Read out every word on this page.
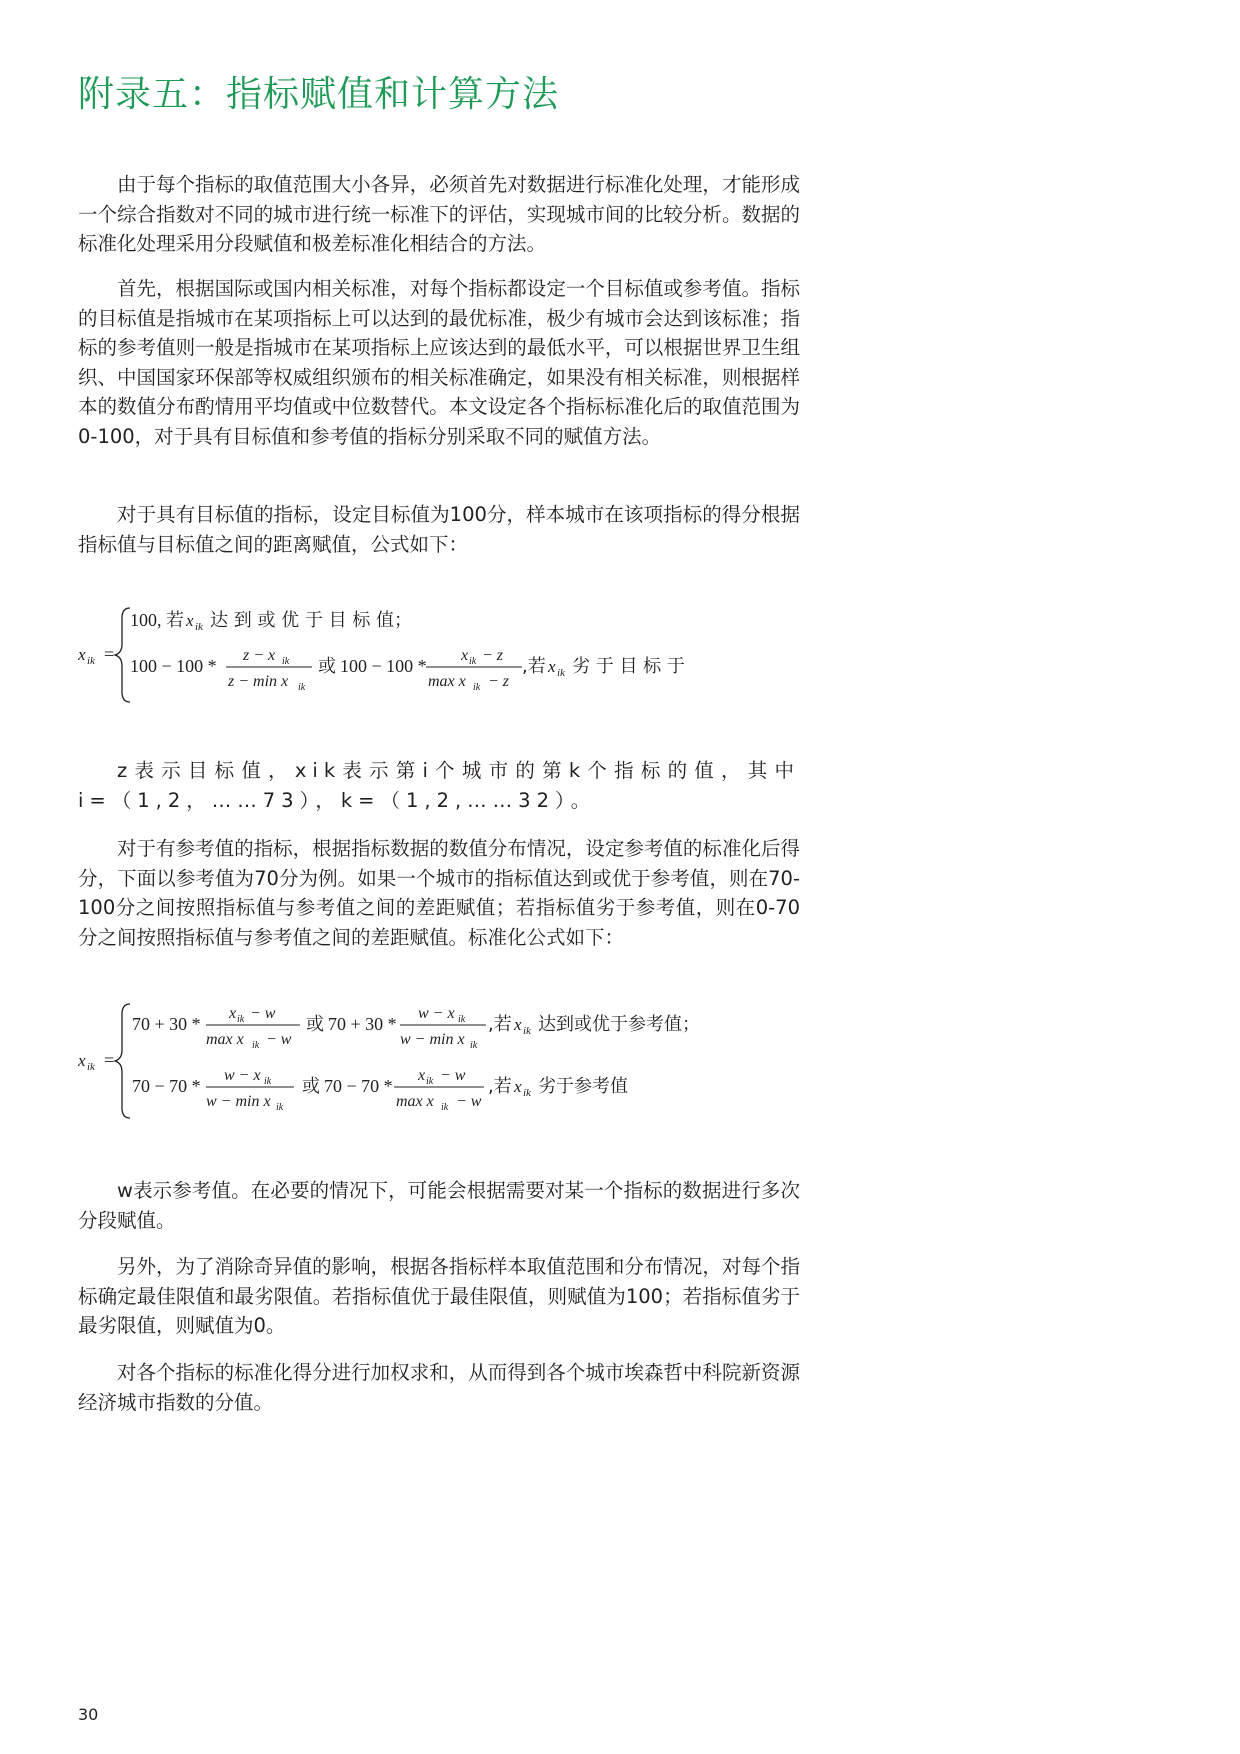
附录五：指标赋值和计算方法

由于每个指标的取值范围大小各异，必须首先对数据进行标准化处理，才能形成一个综合指数对不同的城市进行统一标准下的评估，实现城市间的比较分析。数据的标准化处理采用分段赋值和极差标准化相结合的方法。

首先，根据国际或国内相关标准，对每个指标都设定一个目标值或参考值。指标的目标值是指城市在某项指标上可以达到的最优标准，极少有城市会达到该标准；指标的参考值则一般是指城市在某项指标上应该达到的最低水平，可以根据世界卫生组织、中国国家环保部等权威组织颁布的相关标准确定，如果没有相关标准，则根据样本的数值分布酌情用平均值或中位数替代。本文设定各个指标标准化后的取值范围为0-100，对于具有目标值和参考值的指标分别采取不同的赋值方法。

对于具有目标值的指标，设定目标值为100分，样本城市在该项指标的得分根据指标值与目标值之间的距离赋值，公式如下：

x ik =
100, 若 x ik 达 到 或 优 于 目 标 值；
100 − 100 *
z − x ik
z − min x ik
或 100 − 100 *
x ik − z
max x ik − z
,若 x ik 劣 于 目 标 于

z表示目标值，xik表示第i个城市的第k个指标的值，其中i=（1,2，……73），k=（1,2,……32）。

对于有参考值的指标，根据指标数据的数值分布情况，设定参考值的标准化后得分，下面以参考值为70分为例。如果一个城市的指标值达到或优于参考值，则在70-100分之间按照指标值与参考值之间的差距赋值；若指标值劣于参考值，则在0-70分之间按照指标值与参考值之间的差距赋值。标准化公式如下：

x ik =
70 + 30 *
x ik − w
max x ik − w
或 70 + 30 *
w − x ik
w − min x ik
,若 x ik 达到或优于参考值；
70 − 70 *
w − x ik
w − min x ik
或 70 − 70 *
x ik − w
max x ik − w
,若 x ik 劣于参考值

w表示参考值。在必要的情况下，可能会根据需要对某一个指标的数据进行多次分段赋值。

另外，为了消除奇异值的影响，根据各指标样本取值范围和分布情况，对每个指标确定最佳限值和最劣限值。若指标值优于最佳限值，则赋值为100；若指标值劣于最劣限值，则赋值为0。

对各个指标的标准化得分进行加权求和，从而得到各个城市埃森哲中科院新资源经济城市指数的分值。

30
